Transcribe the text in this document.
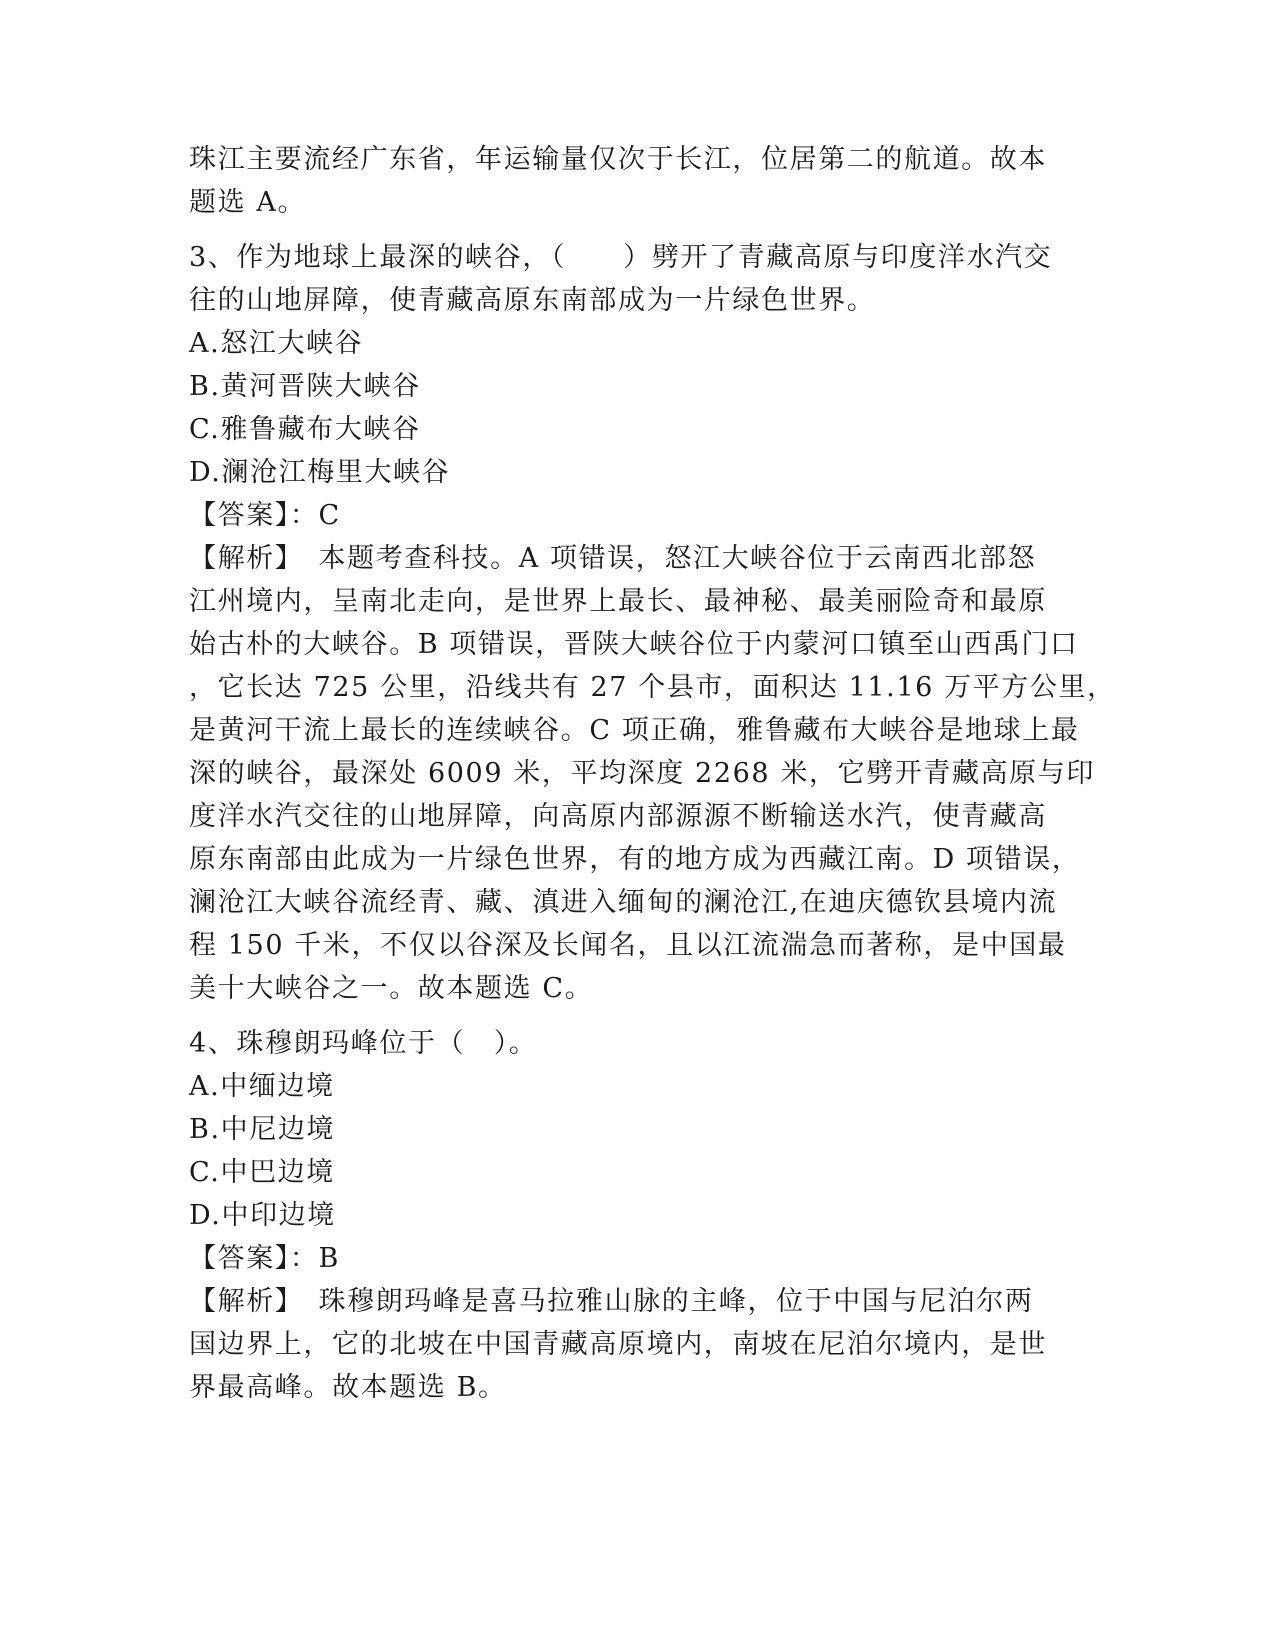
珠江主要流经广东省，年运输量仅次于长江，位居第二的航道。故本
题选 A。
3、作为地球上最深的峡谷，（　　）劈开了青藏高原与印度洋水汽交
往的山地屏障，使青藏高原东南部成为一片绿色世界。
A.怒江大峡谷
B.黄河晋陕大峡谷
C.雅鲁藏布大峡谷
D.澜沧江梅里大峡谷
【答案】：C
【解析】　本题考查科技。A 项错误，怒江大峡谷位于云南西北部怒
江州境内，呈南北走向，是世界上最长、最神秘、最美丽险奇和最原
始古朴的大峡谷。B 项错误，晋陕大峡谷位于内蒙河口镇至山西禹门口
，它长达 725 公里，沿线共有 27 个县市，面积达 11.16 万平方公里，
是黄河干流上最长的连续峡谷。C 项正确，雅鲁藏布大峡谷是地球上最
深的峡谷，最深处 6009 米，平均深度 2268 米，它劈开青藏高原与印
度洋水汽交往的山地屏障，向高原内部源源不断输送水汽，使青藏高
原东南部由此成为一片绿色世界，有的地方成为西藏江南。D 项错误，
澜沧江大峡谷流经青、藏、滇进入缅甸的澜沧江,在迪庆德钦县境内流
程 150 千米，不仅以谷深及长闻名，且以江流湍急而著称，是中国最
美十大峡谷之一。故本题选 C。
4、珠穆朗玛峰位于（　）。
A.中缅边境
B.中尼边境
C.中巴边境
D.中印边境
【答案】：B
【解析】　珠穆朗玛峰是喜马拉雅山脉的主峰，位于中国与尼泊尔两
国边界上，它的北坡在中国青藏高原境内，南坡在尼泊尔境内，是世
界最高峰。故本题选 B。
